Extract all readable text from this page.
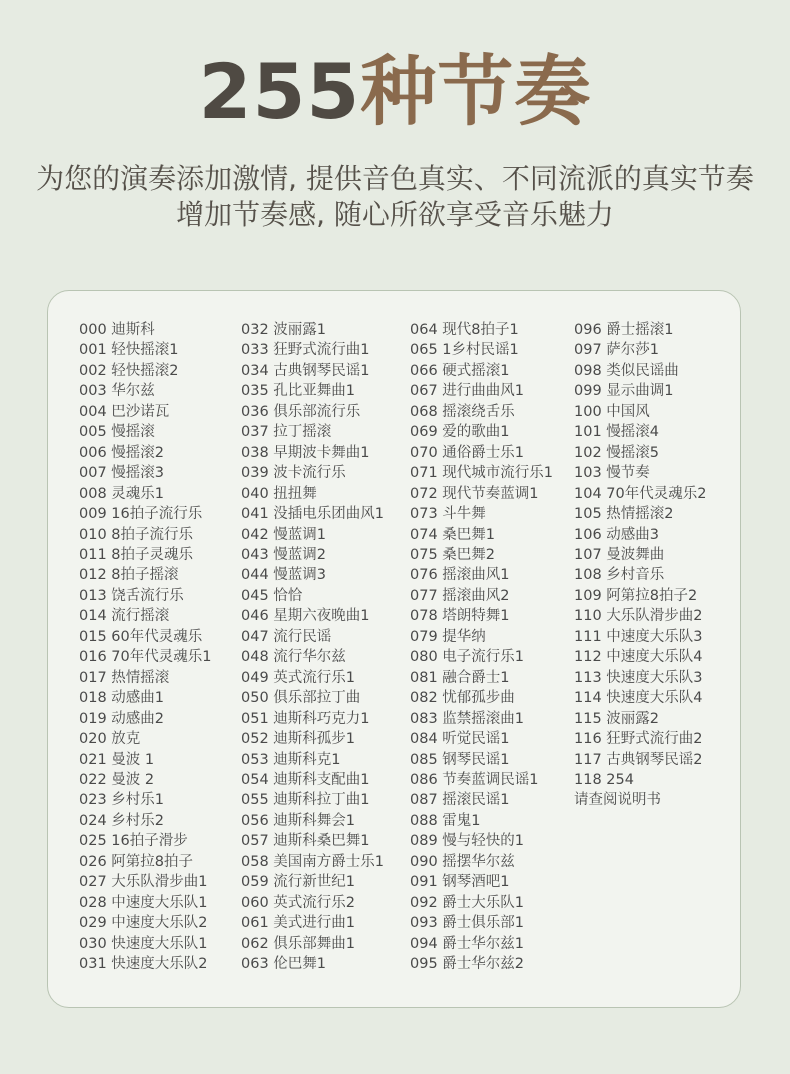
255种节奏
为您的演奏添加激情, 提供音色真实、不同流派的真实节奏
增加节奏感, 随心所欲享受音乐魅力
000 迪斯科
001 轻快摇滚1
002 轻快摇滚2
003 华尔兹
004 巴沙诺瓦
005 慢摇滚
006 慢摇滚2
007 慢摇滚3
008 灵魂乐1
009 16拍子流行乐
010 8拍子流行乐
011 8拍子灵魂乐
012 8拍子摇滚
013 饶舌流行乐
014 流行摇滚
015 60年代灵魂乐
016 70年代灵魂乐1
017 热情摇滚
018 动感曲1
019 动感曲2
020 放克
021 曼波 1
022 曼波 2
023 乡村乐1
024 乡村乐2
025 16拍子滑步
026 阿第拉8拍子
027 大乐队滑步曲1
028 中速度大乐队1
029 中速度大乐队2
030 快速度大乐队1
031 快速度大乐队2
032 波丽露1
033 狂野式流行曲1
034 古典钢琴民谣1
035 孔比亚舞曲1
036 俱乐部流行乐
037 拉丁摇滚
038 早期波卡舞曲1
039 波卡流行乐
040 扭扭舞
041 没插电乐团曲风1
042 慢蓝调1
043 慢蓝调2
044 慢蓝调3
045 恰恰
046 星期六夜晚曲1
047 流行民谣
048 流行华尔兹
049 英式流行乐1
050 俱乐部拉丁曲
051 迪斯科巧克力1
052 迪斯科孤步1
053 迪斯科克1
054 迪斯科支配曲1
055 迪斯科拉丁曲1
056 迪斯科舞会1
057 迪斯科桑巴舞1
058 美国南方爵士乐1
059 流行新世纪1
060 英式流行乐2
061 美式进行曲1
062 俱乐部舞曲1
063 伦巴舞1
064 现代8拍子1
065 1乡村民谣1
066 硬式摇滚1
067 进行曲曲风1
068 摇滚绕舌乐
069 爱的歌曲1
070 通俗爵士乐1
071 现代城市流行乐1
072 现代节奏蓝调1
073 斗牛舞
074 桑巴舞1
075 桑巴舞2
076 摇滚曲风1
077 摇滚曲风2
078 塔朗特舞1
079 提华纳
080 电子流行乐1
081 融合爵士1
082 忧郁孤步曲
083 监禁摇滚曲1
084 听觉民谣1
085 钢琴民谣1
086 节奏蓝调民谣1
087 摇滚民谣1
088 雷鬼1
089 慢与轻快的1
090 摇摆华尔兹
091 钢琴酒吧1
092 爵士大乐队1
093 爵士俱乐部1
094 爵士华尔兹1
095 爵士华尔兹2
096 爵士摇滚1
097 萨尔莎1
098 类似民谣曲
099 显示曲调1
100 中国风
101 慢摇滚4
102 慢摇滚5
103 慢节奏
104 70年代灵魂乐2
105 热情摇滚2
106 动感曲3
107 曼波舞曲
108 乡村音乐
109 阿第拉8拍子2
110 大乐队滑步曲2
111 中速度大乐队3
112 中速度大乐队4
113 快速度大乐队3
114 快速度大乐队4
115 波丽露2
116 狂野式流行曲2
117 古典钢琴民谣2
118 254
请查阅说明书
